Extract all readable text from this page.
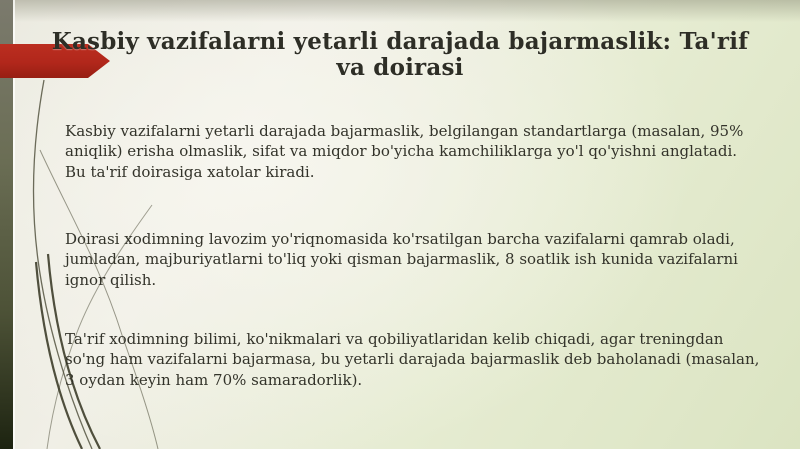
Kasbiy vazifalarni yetarli darajada bajarmaslik: Ta'rif va doirasi

Kasbiy vazifalarni yetarli darajada bajarmaslik, belgilangan standartlarga (masalan, 95% aniqlik) erisha olmaslik, sifat va miqdor bo'yicha kamchiliklarga yo'l qo'yishni anglatadi. Bu ta'rif doirasiga xatolar kiradi.

Doirasi xodimning lavozim yo'riqnomasida ko'rsatilgan barcha vazifalarni qamrab oladi, jumladan, majburiyatlarni to'liq yoki qisman bajarmaslik, 8 soatlik ish kunida vazifalarni ignor qilish.

Ta'rif xodimning bilimi, ko'nikmalari va qobiliyatlaridan kelib chiqadi, agar treningdan so'ng ham vazifalarni bajarmasa, bu yetarli darajada bajarmaslik deb baholanadi (masalan, 3 oydan keyin ham 70% samaradorlik).
